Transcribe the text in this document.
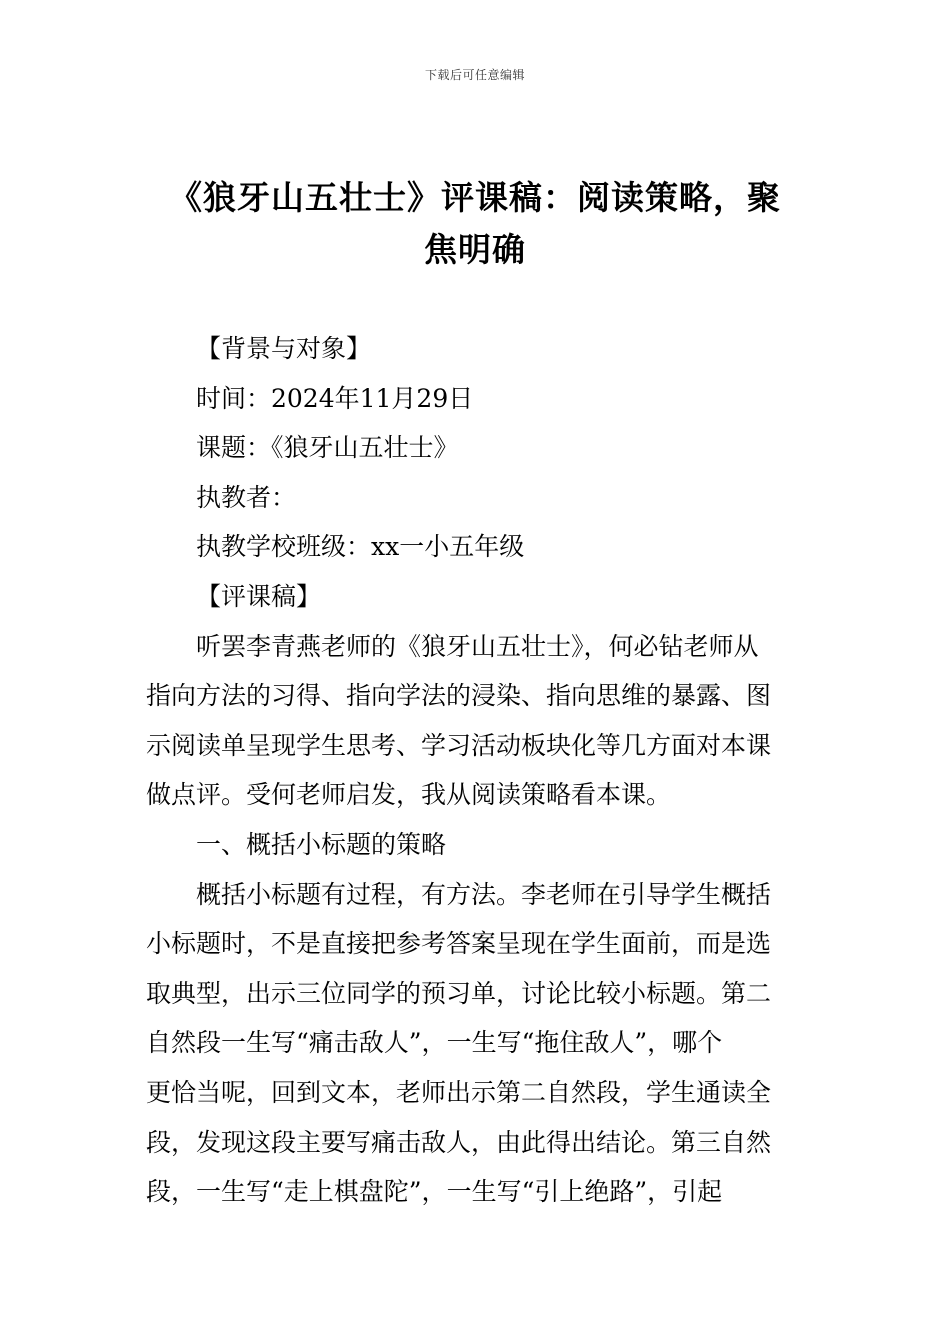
下载后可任意编辑
《狼牙山五壮士》评课稿：阅读策略，聚
焦明确

【背景与对象】

时间：2024年11月29日

课题：《狼牙山五壮士》

执教者：

执教学校班级：xx一小五年级

【评课稿】

听罢李青燕老师的《狼牙山五壮士》，何必钻老师从

指向方法的习得、指向学法的浸染、指向思维的暴露、图

示阅读单呈现学生思考、学习活动板块化等几方面对本课

做点评。受何老师启发，我从阅读策略看本课。

一、概括小标题的策略

概括小标题有过程，有方法。李老师在引导学生概括

小标题时，不是直接把参考答案呈现在学生面前，而是选

取典型，出示三位同学的预习单，讨论比较小标题。第二

自然段一生写“痛击敌人”，一生写“拖住敌人”，哪个

更恰当呢，回到文本，老师出示第二自然段，学生通读全

段，发现这段主要写痛击敌人，由此得出结论。第三自然

段，一生写“走上棋盘陀”，一生写“引上绝路”，引起
